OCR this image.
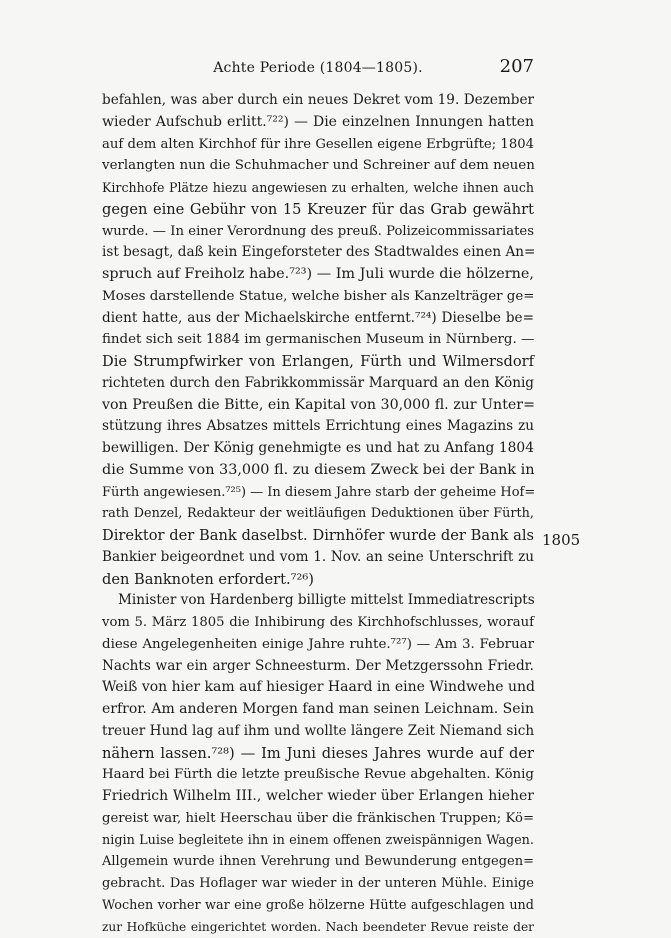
Achte Periode (1804—1805).	207
befahlen, was aber durch ein neues Dekret vom 19. Dezember
wieder Aufschub erlitt.⁷²²) — Die einzelnen Innungen hatten
auf dem alten Kirchhof für ihre Gesellen eigene Erbgrüfte; 1804
verlangten nun die Schuhmacher und Schreiner auf dem neuen
Kirchhofe Plätze hiezu angewiesen zu erhalten, welche ihnen auch
gegen eine Gebühr von 15 Kreuzer für das Grab gewährt
wurde. — In einer Verordnung des preuß. Polizeicommissariates
ist besagt, daß kein Eingeforsteter des Stadtwaldes einen An=
spruch auf Freiholz habe.⁷²³) — Im Juli wurde die hölzerne,
Moses darstellende Statue, welche bisher als Kanzelträger ge=
dient hatte, aus der Michaelskirche entfernt.⁷²⁴) Dieselbe be=
findet sich seit 1884 im germanischen Museum in Nürnberg. —
Die Strumpfwirker von Erlangen, Fürth und Wilmersdorf
richteten durch den Fabrikkommissär Marquard an den König
von Preußen die Bitte, ein Kapital von 30,000 fl. zur Unter=
stützung ihres Absatzes mittels Errichtung eines Magazins zu
bewilligen. Der König genehmigte es und hat zu Anfang 1804
die Summe von 33,000 fl. zu diesem Zweck bei der Bank in
Fürth angewiesen.⁷²⁵) — In diesem Jahre starb der geheime Hof=
rath Denzel, Redakteur der weitläufigen Deduktionen über Fürth,
Direktor der Bank daselbst. Dirnhöfer wurde der Bank als
Bankier beigeordnet und vom 1. Nov. an seine Unterschrift zu
den Banknoten erfordert.⁷²⁶)
Minister von Hardenberg billigte mittelst Immediatrescripts
vom 5. März 1805 die Inhibirung des Kirchhofschlusses, worauf
diese Angelegenheiten einige Jahre ruhte.⁷²⁷) — Am 3. Februar
Nachts war ein arger Schneesturm. Der Metzgerssohn Friedr.
Weiß von hier kam auf hiesiger Haard in eine Windwehe und
erfror. Am anderen Morgen fand man seinen Leichnam. Sein
treuer Hund lag auf ihm und wollte längere Zeit Niemand sich
nähern lassen.⁷²⁸) — Im Juni dieses Jahres wurde auf der
Haard bei Fürth die letzte preußische Revue abgehalten. König
Friedrich Wilhelm III., welcher wieder über Erlangen hieher
gereist war, hielt Heerschau über die fränkischen Truppen; Kö=
nigin Luise begleitete ihn in einem offenen zweispännigen Wagen.
Allgemein wurde ihnen Verehrung und Bewunderung entgegen=
gebracht. Das Hoflager war wieder in der unteren Mühle. Einige
Wochen vorher war eine große hölzerne Hütte aufgeschlagen und
zur Hofküche eingerichtet worden. Nach beendeter Revue reiste der
1805
